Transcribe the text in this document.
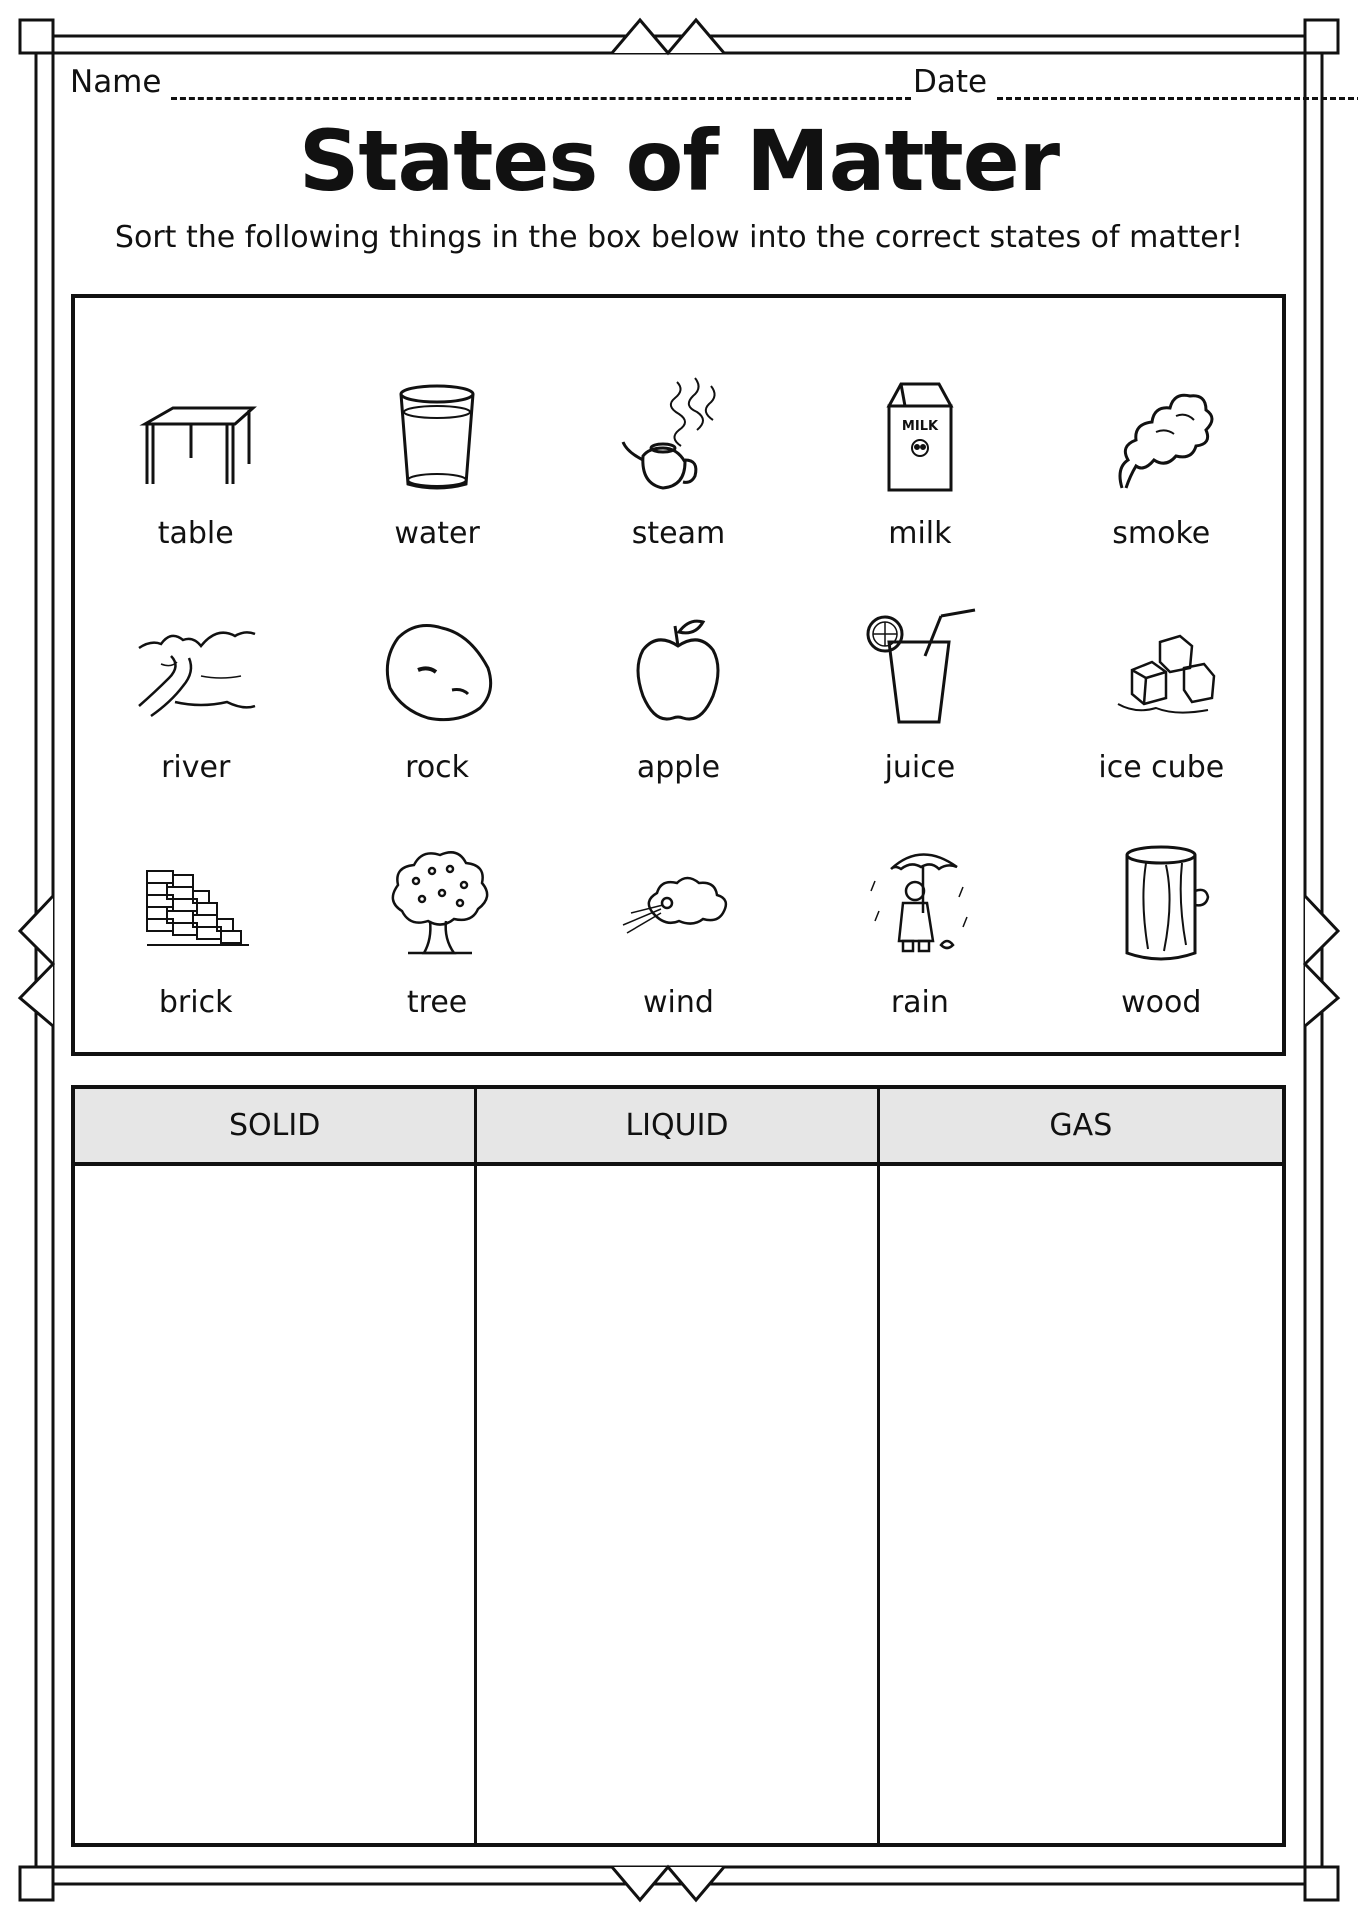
Name	Date
States of Matter
Sort the following things in the box below into the correct states of matter!
table	water	steam
MILK
milk	smoke
river	rock	apple	juice	ice cube
brick	tree	wind	rain	wood
SOLID	LIQUID	GAS
